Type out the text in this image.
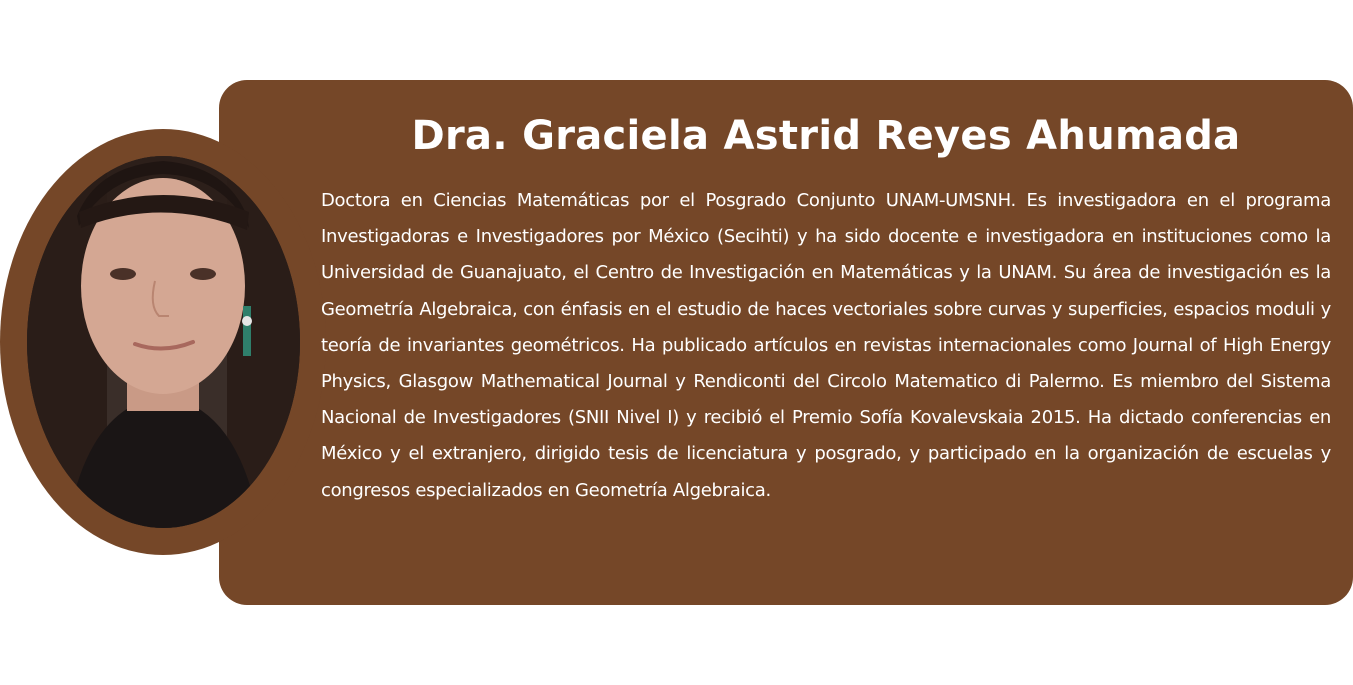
Dra. Graciela Astrid Reyes Ahumada

Doctora en Ciencias Matemáticas por el Posgrado Conjunto UNAM-UMSNH. Es investigadora en el programa Investigadoras e Investigadores por México (Secihti) y ha sido docente e investigadora en instituciones como la Universidad de Guanajuato, el Centro de Investigación en Matemáticas y la UNAM. Su área de investigación es la Geometría Algebraica, con énfasis en el estudio de haces vectoriales sobre curvas y superficies, espacios moduli y teoría de invariantes geométricos. Ha publicado artículos en revistas internacionales como Journal of High Energy Physics, Glasgow Mathematical Journal y Rendiconti del Circolo Matematico di Palermo. Es miembro del Sistema Nacional de Investigadores (SNII Nivel I) y recibió el Premio Sofía Kovalevskaia 2015. Ha dictado conferencias en México y el extranjero, dirigido tesis de licenciatura y posgrado, y participado en la organización de escuelas y congresos especializados en Geometría Algebraica.
